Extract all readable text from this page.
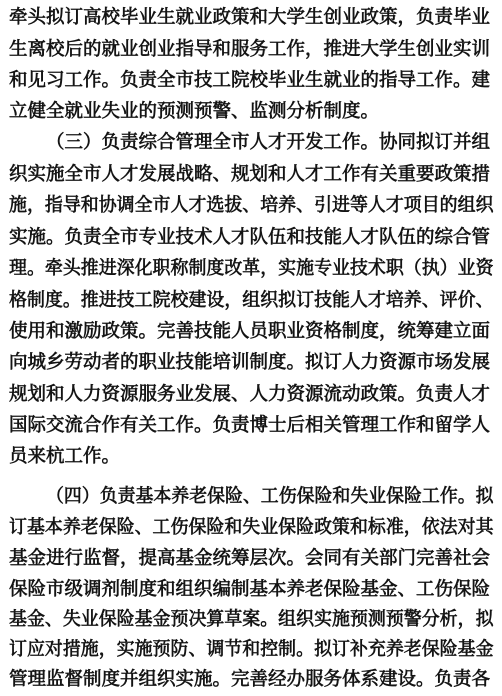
牵头拟订高校毕业生就业政策和大学生创业政策，负责毕业
生离校后的就业创业指导和服务工作，推进大学生创业实训
和见习工作。负责全市技工院校毕业生就业的指导工作。建
立健全就业失业的预测预警、监测分析制度。
（三）负责综合管理全市人才开发工作。协同拟订并组
织实施全市人才发展战略、规划和人才工作有关重要政策措
施，指导和协调全市人才选拔、培养、引进等人才项目的组织
实施。负责全市专业技术人才队伍和技能人才队伍的综合管
理。牵头推进深化职称制度改革，实施专业技术职（执）业资
格制度。推进技工院校建设，组织拟订技能人才培养、评价、
使用和激励政策。完善技能人员职业资格制度，统筹建立面
向城乡劳动者的职业技能培训制度。拟订人力资源市场发展
规划和人力资源服务业发展、人力资源流动政策。负责人才
国际交流合作有关工作。负责博士后相关管理工作和留学人
员来杭工作。
（四）负责基本养老保险、工伤保险和失业保险工作。拟
订基本养老保险、工伤保险和失业保险政策和标准，依法对其
基金进行监督，提高基金统筹层次。会同有关部门完善社会
保险市级调剂制度和组织编制基本养老保险基金、工伤保险
基金、失业保险基金预决算草案。组织实施预测预警分析，拟
订应对措施，实施预防、调节和控制。拟订补充养老保险基金
管理监督制度并组织实施。完善经办服务体系建设。负责各
